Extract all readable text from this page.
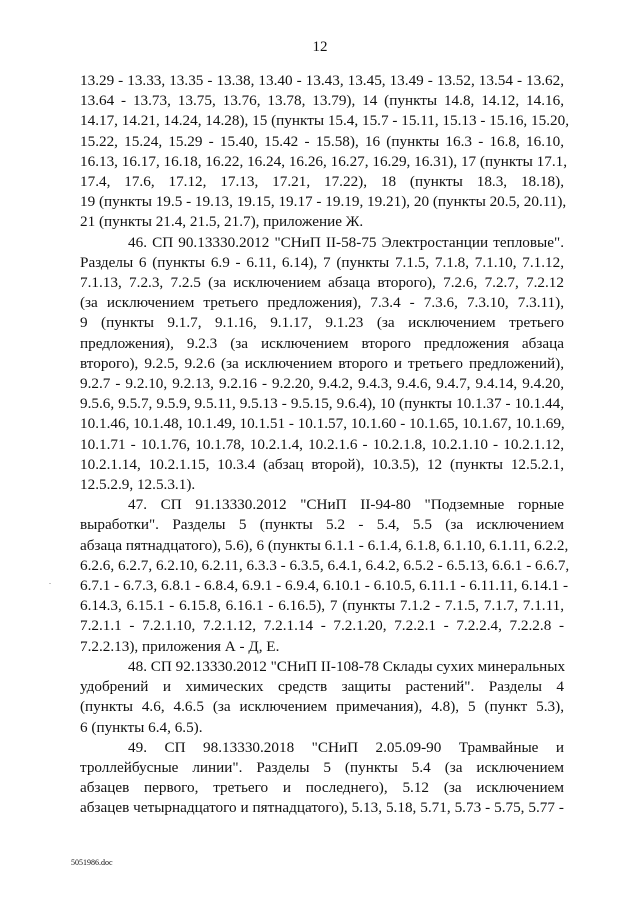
12
.
13.29 - 13.33, 13.35 - 13.38, 13.40 - 13.43, 13.45, 13.49 - 13.52, 13.54 - 13.62,
13.64 - 13.73, 13.75, 13.76, 13.78, 13.79), 14 (пункты 14.8, 14.12, 14.16,
14.17, 14.21, 14.24, 14.28), 15 (пункты 15.4, 15.7 - 15.11, 15.13 - 15.16, 15.20,
15.22, 15.24, 15.29 - 15.40, 15.42 - 15.58), 16 (пункты 16.3 - 16.8, 16.10,
16.13, 16.17, 16.18, 16.22, 16.24, 16.26, 16.27, 16.29, 16.31), 17 (пункты 17.1,
17.4, 17.6, 17.12, 17.13, 17.21, 17.22), 18 (пункты 18.3, 18.18),
19 (пункты 19.5 - 19.13, 19.15, 19.17 - 19.19, 19.21), 20 (пункты 20.5, 20.11),
21 (пункты 21.4, 21.5, 21.7), приложение Ж.
46. СП 90.13330.2012 "СНиП II-58-75 Электростанции тепловые".
Разделы 6 (пункты 6.9 - 6.11, 6.14), 7 (пункты 7.1.5, 7.1.8, 7.1.10, 7.1.12,
7.1.13, 7.2.3, 7.2.5 (за исключением абзаца второго), 7.2.6, 7.2.7, 7.2.12
(за исключением третьего предложения), 7.3.4 - 7.3.6, 7.3.10, 7.3.11),
9 (пункты 9.1.7, 9.1.16, 9.1.17, 9.1.23 (за исключением третьего
предложения), 9.2.3 (за исключением второго предложения абзаца
второго), 9.2.5, 9.2.6 (за исключением второго и третьего предложений),
9.2.7 - 9.2.10, 9.2.13, 9.2.16 - 9.2.20, 9.4.2, 9.4.3, 9.4.6, 9.4.7, 9.4.14, 9.4.20,
9.5.6, 9.5.7, 9.5.9, 9.5.11, 9.5.13 - 9.5.15, 9.6.4), 10 (пункты 10.1.37 - 10.1.44,
10.1.46, 10.1.48, 10.1.49, 10.1.51 - 10.1.57, 10.1.60 - 10.1.65, 10.1.67, 10.1.69,
10.1.71 - 10.1.76, 10.1.78, 10.2.1.4, 10.2.1.6 - 10.2.1.8, 10.2.1.10 - 10.2.1.12,
10.2.1.14, 10.2.1.15, 10.3.4 (абзац второй), 10.3.5), 12 (пункты 12.5.2.1,
12.5.2.9, 12.5.3.1).
47. СП 91.13330.2012 "СНиП II-94-80 "Подземные горные
выработки". Разделы 5 (пункты 5.2 - 5.4, 5.5 (за исключением
абзаца пятнадцатого), 5.6), 6 (пункты 6.1.1 - 6.1.4, 6.1.8, 6.1.10, 6.1.11, 6.2.2,
6.2.6, 6.2.7, 6.2.10, 6.2.11, 6.3.3 - 6.3.5, 6.4.1, 6.4.2, 6.5.2 - 6.5.13, 6.6.1 - 6.6.7,
6.7.1 - 6.7.3, 6.8.1 - 6.8.4, 6.9.1 - 6.9.4, 6.10.1 - 6.10.5, 6.11.1 - 6.11.11, 6.14.1 -
6.14.3, 6.15.1 - 6.15.8, 6.16.1 - 6.16.5), 7 (пункты 7.1.2 - 7.1.5, 7.1.7, 7.1.11,
7.2.1.1 - 7.2.1.10, 7.2.1.12, 7.2.1.14 - 7.2.1.20, 7.2.2.1 - 7.2.2.4, 7.2.2.8 -
7.2.2.13), приложения А - Д, Е.
48. СП 92.13330.2012 "СНиП II-108-78 Склады сухих минеральных
удобрений и химических средств защиты растений". Разделы 4
(пункты 4.6, 4.6.5 (за исключением примечания), 4.8), 5 (пункт 5.3),
6 (пункты 6.4, 6.5).
49. СП 98.13330.2018 "СНиП 2.05.09-90 Трамвайные и
троллейбусные линии". Разделы 5 (пункты 5.4 (за исключением
абзацев первого, третьего и последнего), 5.12 (за исключением
абзацев четырнадцатого и пятнадцатого), 5.13, 5.18, 5.71, 5.73 - 5.75, 5.77 -
5051986.doc
